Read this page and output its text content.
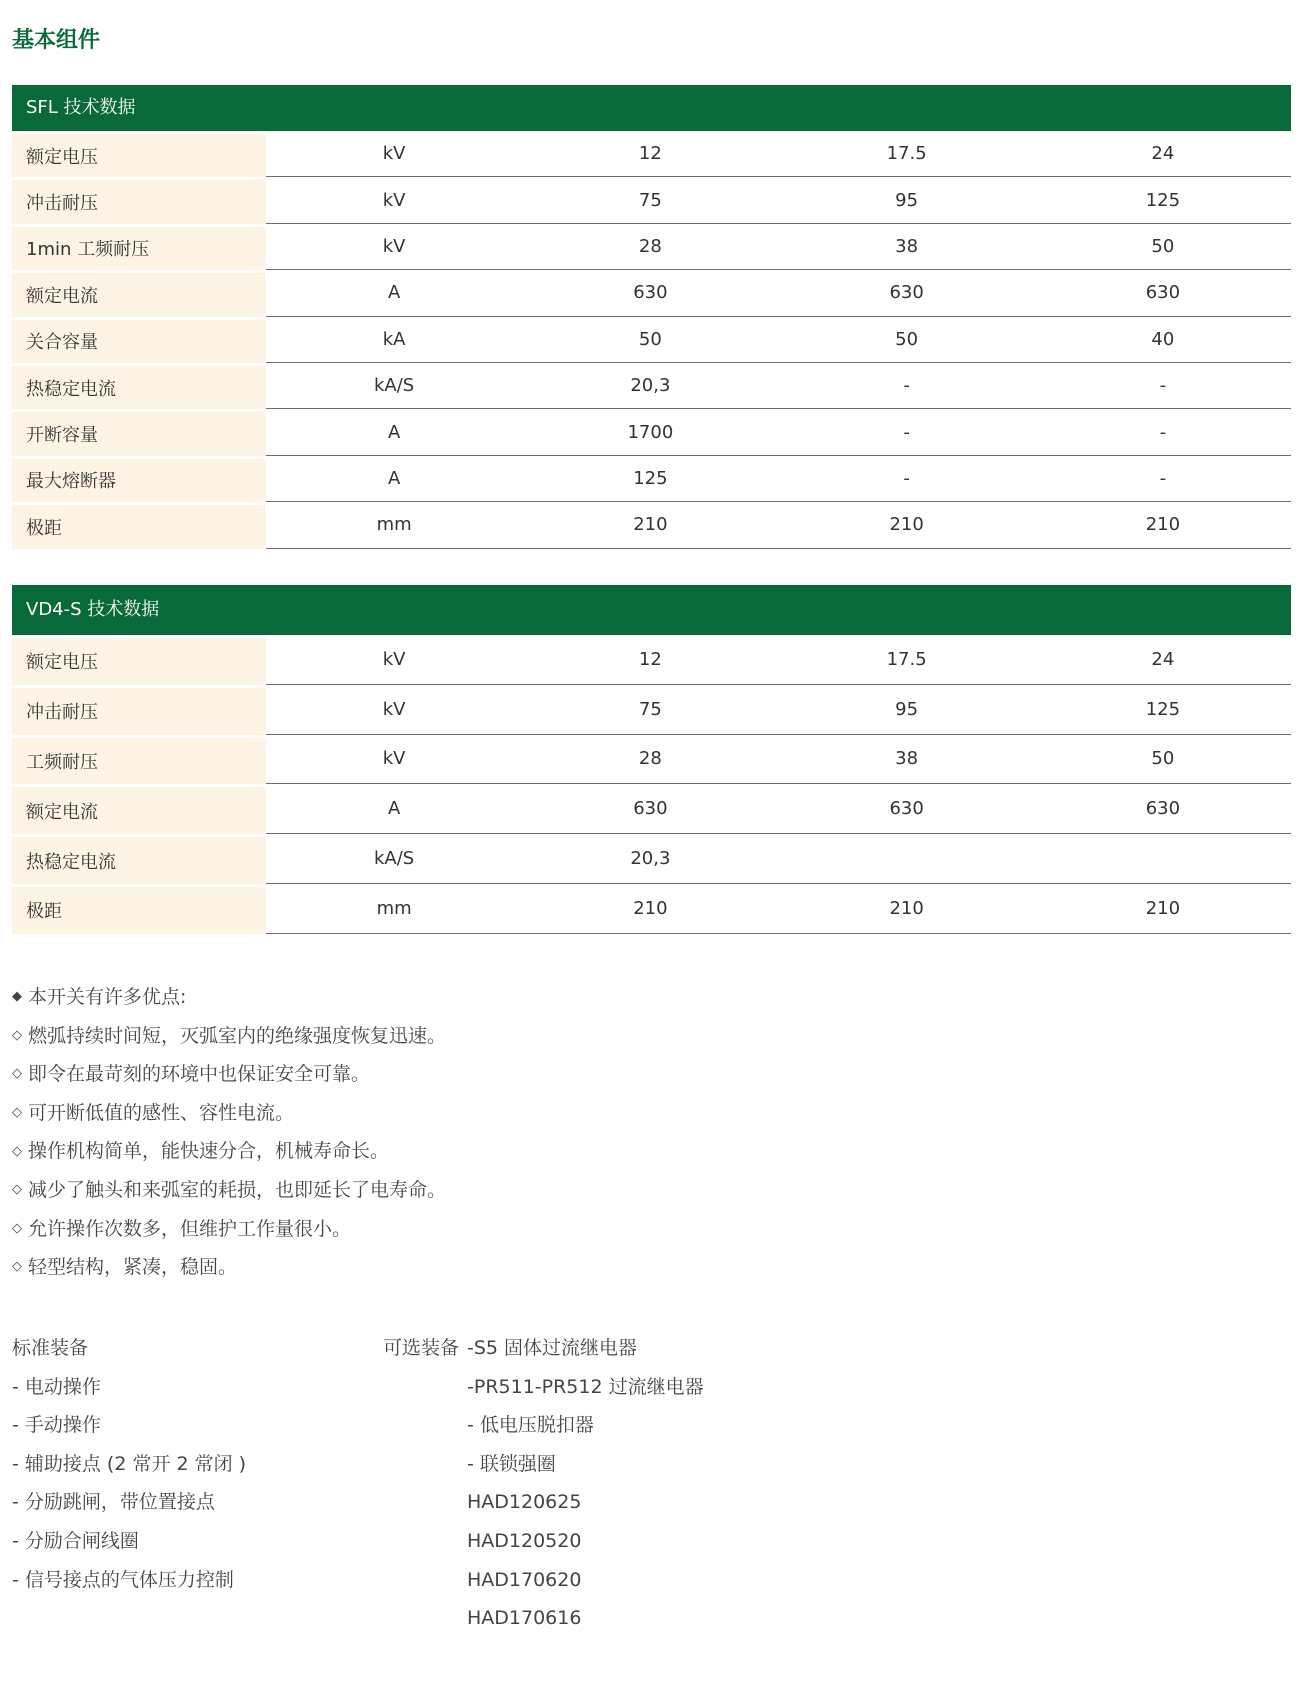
基本组件
SFL 技术数据
额定电压	kV	12	17.5	24
冲击耐压	kV	75	95	125
1min 工频耐压	kV	28	38	50
额定电流	A	630	630	630
关合容量	kA	50	50	40
热稳定电流	kA/S	20,3	-	-
开断容量	A	1700	-	-
最大熔断器	A	125	-	-
极距	mm	210	210	210
VD4-S 技术数据
额定电压	kV	12	17.5	24
冲击耐压	kV	75	95	125
工频耐压	kV	28	38	50
额定电流	A	630	630	630
热稳定电流	kA/S	20,3
极距	mm	210	210	210
◆ 本开关有许多优点:
◇ 燃弧持续时间短，灭弧室内的绝缘强度恢复迅速。
◇ 即令在最苛刻的环境中也保证安全可靠。
◇ 可开断低值的感性、容性电流。
◇ 操作机构简单，能快速分合，机械寿命长。
◇ 减少了触头和来弧室的耗损，也即延长了电寿命。
◇ 允许操作次数多，但维护工作量很小。
◇ 轻型结构，紧凑，稳固。
标准装备
- 电动操作
- 手动操作
- 辅助接点 (2 常开 2 常闭 )
- 分励跳闸，带位置接点
- 分励合闸线圈
- 信号接点的气体压力控制
可选装备 -S5 固体过流继电器
-PR511-PR512 过流继电器
- 低电压脱扣器
- 联锁强圈
HAD120625
HAD120520
HAD170620
HAD170616
